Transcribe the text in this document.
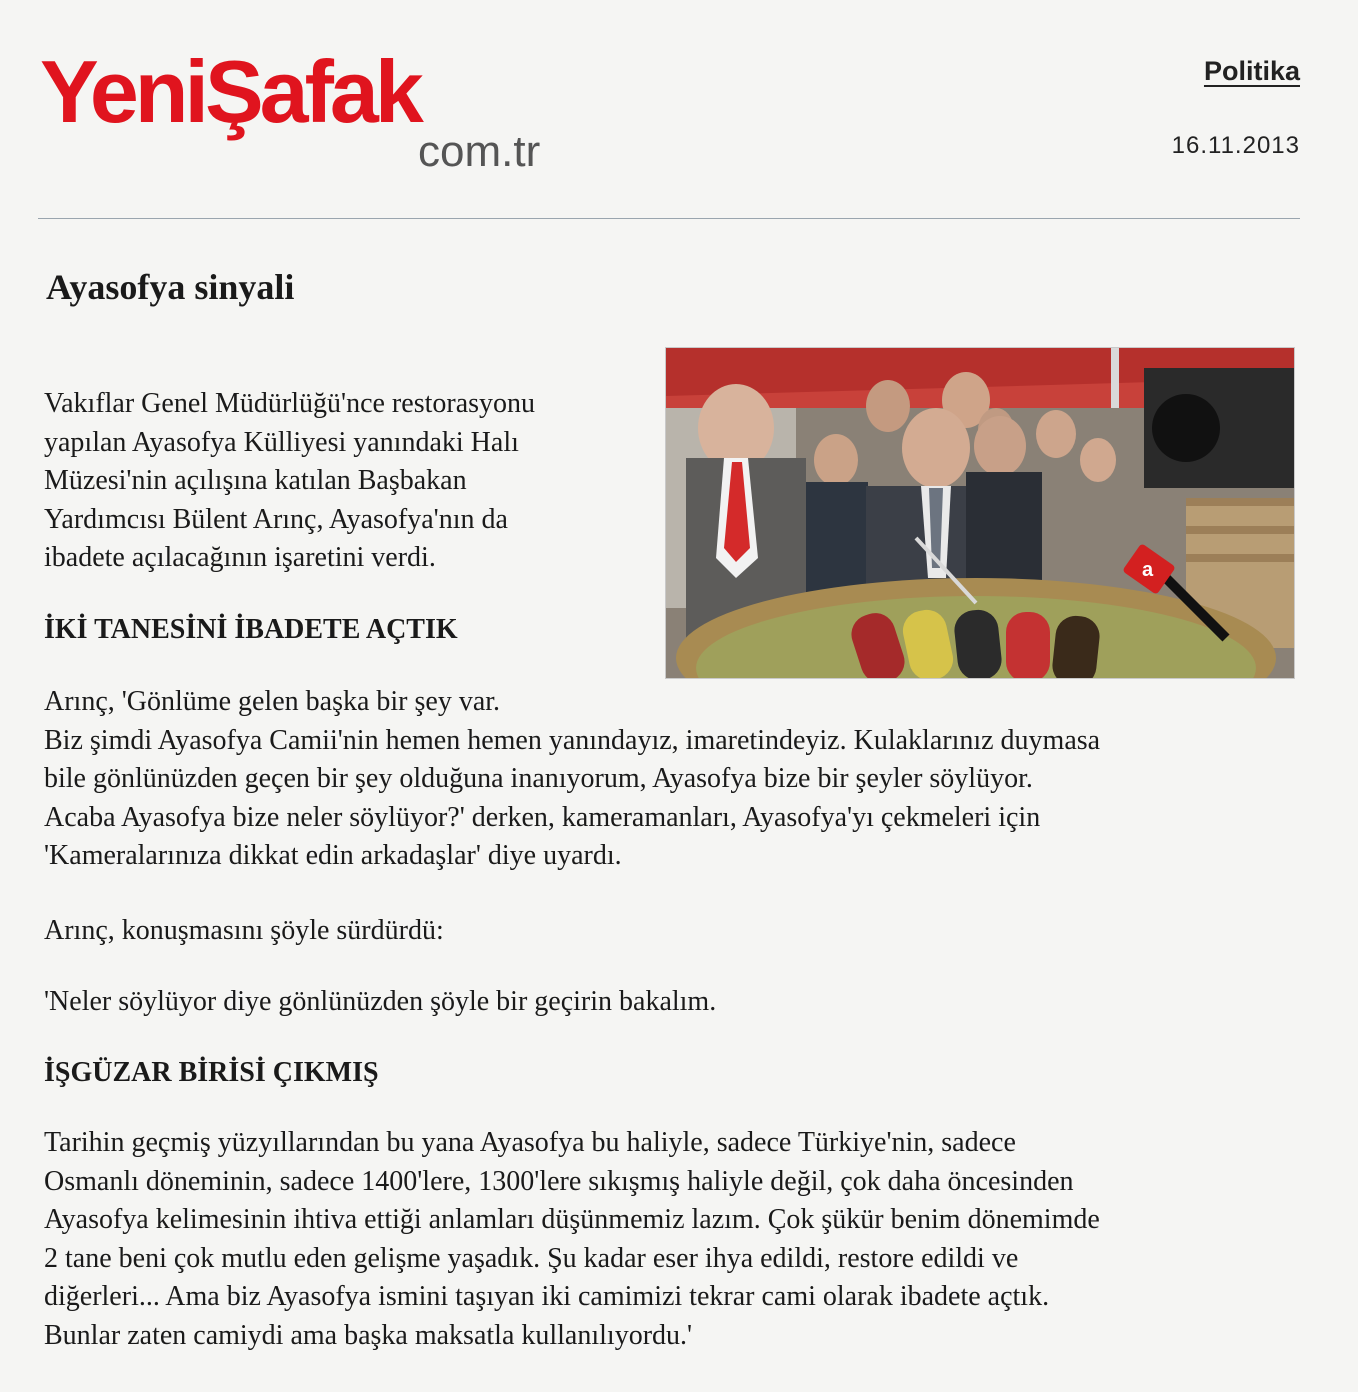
YeniŞafak
com.tr
Politika
16.11.2013
Ayasofya sinyali
a

Vakıflar Genel Müdürlüğü'nce restorasyonu
yapılan Ayasofya Külliyesi yanındaki Halı
Müzesi'nin açılışına katılan Başbakan
Yardımcısı Bülent Arınç, Ayasofya'nın da
ibadete açılacağının işaretini verdi.

İKİ TANESİNİ İBADETE AÇTIK

Arınç, 'Gönlüme gelen başka bir şey var.
Biz şimdi Ayasofya Camii'nin hemen hemen yanındayız, imaretindeyiz. Kulaklarınız duymasa
bile gönlünüzden geçen bir şey olduğuna inanıyorum, Ayasofya bize bir şeyler söylüyor.
Acaba Ayasofya bize neler söylüyor?' derken, kameramanları, Ayasofya'yı çekmeleri için
'Kameralarınıza dikkat edin arkadaşlar' diye uyardı.

Arınç, konuşmasını şöyle sürdürdü:

'Neler söylüyor diye gönlünüzden şöyle bir geçirin bakalım.

İŞGÜZAR BİRİSİ ÇIKMIŞ

Tarihin geçmiş yüzyıllarından bu yana Ayasofya bu haliyle, sadece Türkiye'nin, sadece
Osmanlı döneminin, sadece 1400'lere, 1300'lere sıkışmış haliyle değil, çok daha öncesinden
Ayasofya kelimesinin ihtiva ettiği anlamları düşünmemiz lazım. Çok şükür benim dönemimde
2 tane beni çok mutlu eden gelişme yaşadık. Şu kadar eser ihya edildi, restore edildi ve
diğerleri... Ama biz Ayasofya ismini taşıyan iki camimizi tekrar cami olarak ibadete açtık.
Bunlar zaten camiydi ama başka maksatla kullanılıyordu.'
